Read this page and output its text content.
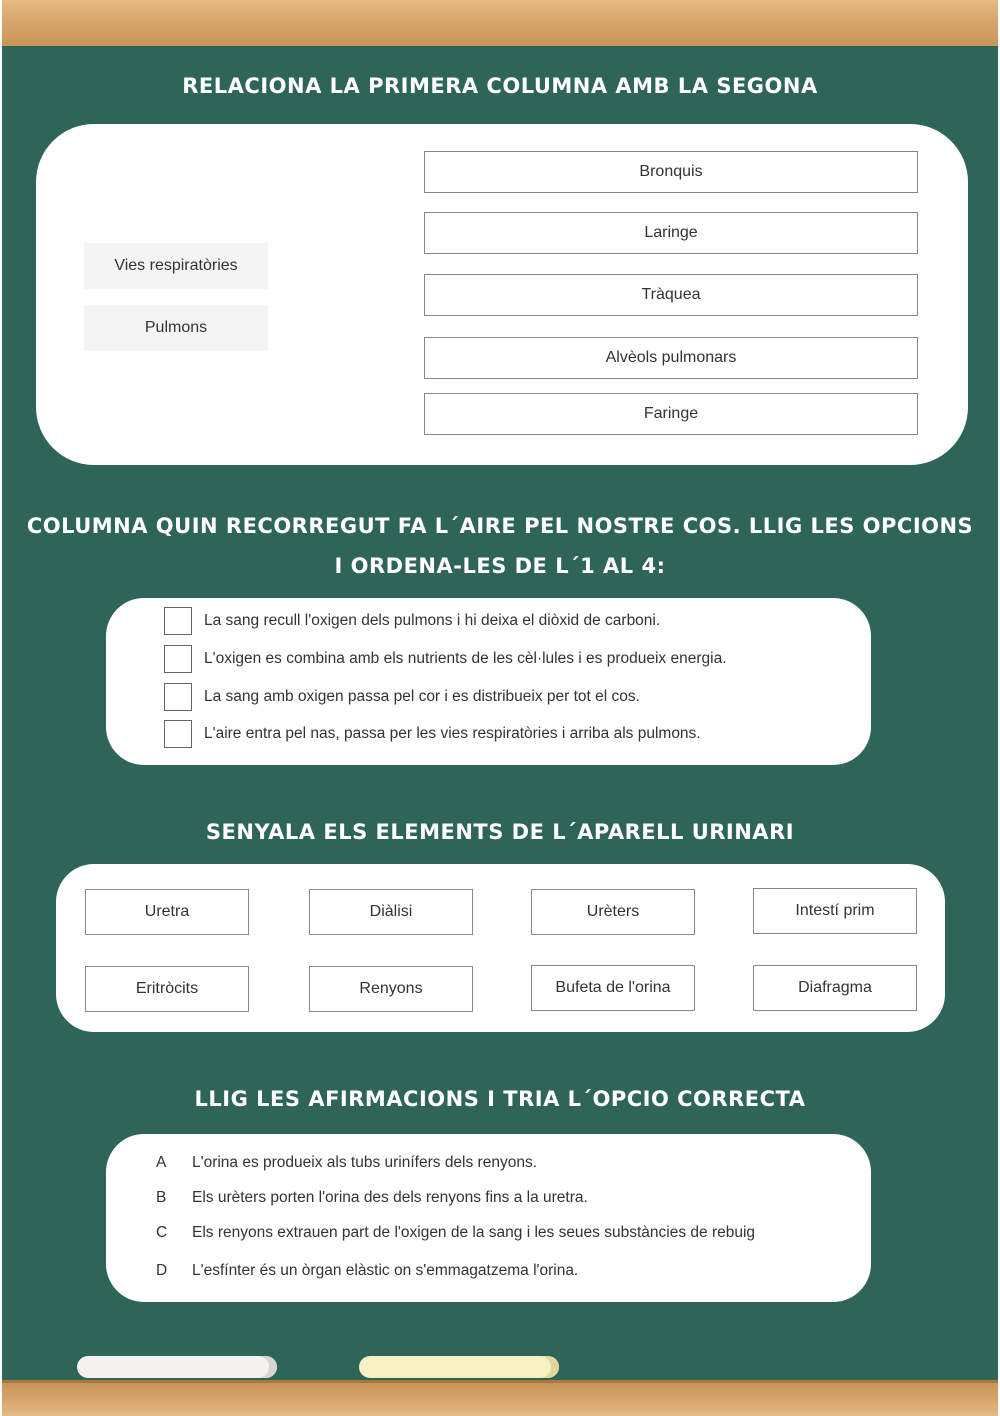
RELACIONA LA PRIMERA COLUMNA AMB LA SEGONA
Vies respiratòries
Pulmons
Bronquis
Laringe
Tràquea
Alvèols pulmonars
Faringe
COLUMNA QUIN RECORREGUT FA L´AIRE PEL NOSTRE COS. LLIG LES OPCIONS
I ORDENA-LES DE L´1 AL 4:
La sang recull l'oxigen dels pulmons i hi deixa el diòxid de carboni.
L'oxigen es combina amb els nutrients de les cèl·lules i es produeix energia.
La sang amb oxigen passa pel cor i es distribueix per tot el cos.
L'aire entra pel nas, passa per les vies respiratòries i arriba als pulmons.
SENYALA ELS ELEMENTS DE L´APARELL URINARI
Uretra	Diàlisi	Urèters	Intestí prim
Eritròcits	Renyons	Bufeta de l'orina	Diafragma
LLIG LES AFIRMACIONS I TRIA L´OPCIO CORRECTA
A	L'orina es produeix als tubs urinífers dels renyons.
B	Els urèters porten l'orina des dels renyons fins a la uretra.
C	Els renyons extrauen part de l'oxigen de la sang i les seues substàncies de rebuig
D	L'esfínter és un òrgan elàstic on s'emmagatzema l'orina.
